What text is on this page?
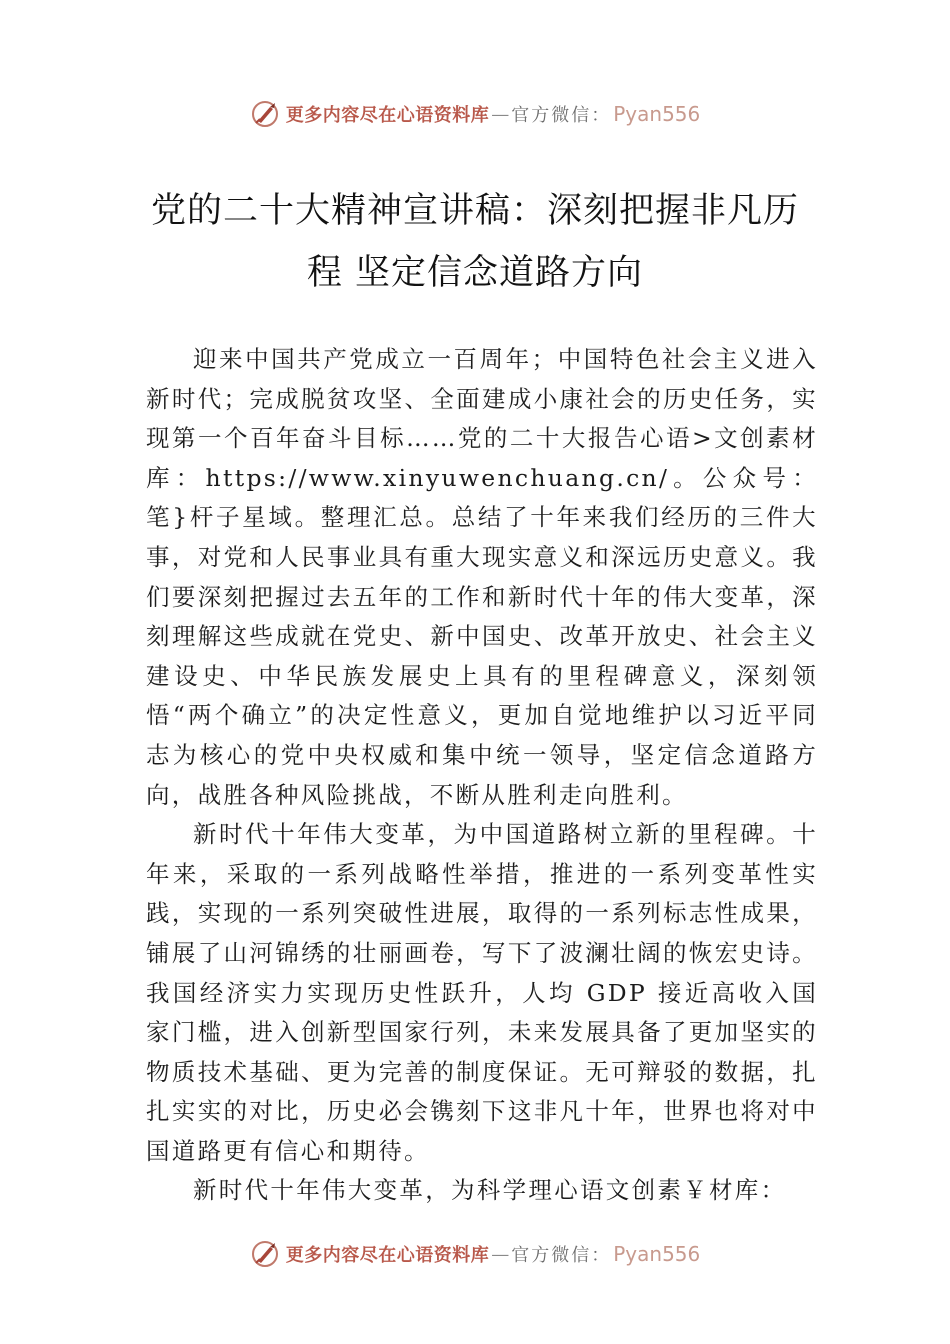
更多内容尽在心语资料库 — 官方微信： Pyan556
党的二十大精神宣讲稿：深刻把握非凡历
程 坚定信念道路方向

迎来中国共产党成立一百周年；中国特色社会主义进入新时代；完成脱贫攻坚、全面建成小康社会的历史任务，实现第一个百年奋斗目标……党的二十大报告心语>文创素材库：https://www.xinyuwenchuang.cn/。公众号：笔}杆子星域。整理汇总。总结了十年来我们经历的三件大事，对党和人民事业具有重大现实意义和深远历史意义。我们要深刻把握过去五年的工作和新时代十年的伟大变革，深刻理解这些成就在党史、新中国史、改革开放史、社会主义建设史、中华民族发展史上具有的里程碑意义，深刻领悟“两个确立”的决定性意义，更加自觉地维护以习近平同志为核心的党中央权威和集中统一领导，坚定信念道路方向，战胜各种风险挑战，不断从胜利走向胜利。

新时代十年伟大变革，为中国道路树立新的里程碑。十年来，采取的一系列战略性举措，推进的一系列变革性实践，实现的一系列突破性进展，取得的一系列标志性成果，铺展了山河锦绣的壮丽画卷，写下了波澜壮阔的恢宏史诗。我国经济实力实现历史性跃升，人均 GDP 接近高收入国家门槛，进入创新型国家行列，未来发展具备了更加坚实的物质技术基础、更为完善的制度保证。无可辩驳的数据，扎扎实实的对比，历史必会镌刻下这非凡十年，世界也将对中国道路更有信心和期待。

新时代十年伟大变革，为科学理心语文创素￥材库：

更多内容尽在心语资料库 — 官方微信： Pyan556
